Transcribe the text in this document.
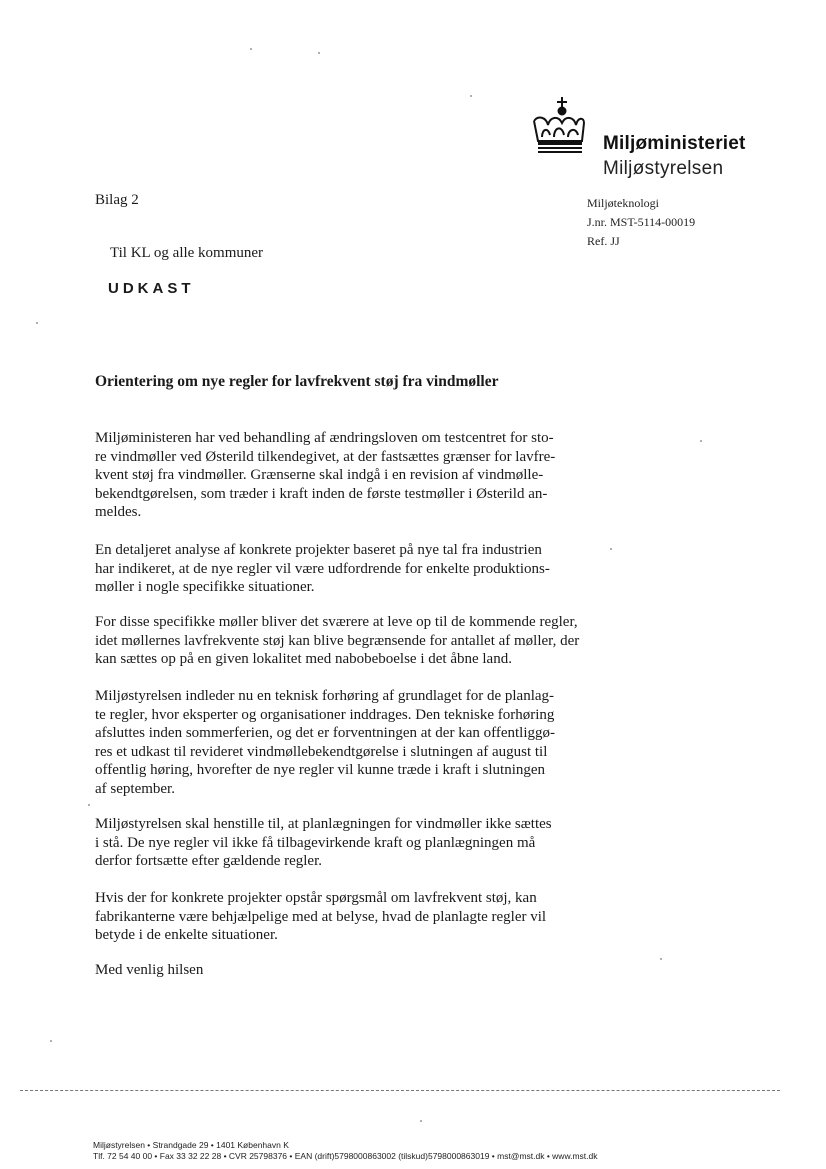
Miljøministeriet
Miljøstyrelsen
Miljøteknologi
J.nr. MST-5114-00019
Ref. JJ
Bilag 2
Til KL og alle kommuner
UDKAST
Orientering om nye regler for lavfrekvent støj fra vindmøller
Miljøministeren har ved behandling af ændringsloven om testcentret for sto-
re vindmøller ved Østerild tilkendegivet, at der fastsættes grænser for lavfre-
kvent støj fra vindmøller. Grænserne skal indgå i en revision af vindmølle-
bekendtgørelsen, som træder i kraft inden de første testmøller i Østerild an-
meldes.
En detaljeret analyse af konkrete projekter baseret på nye tal fra industrien
har indikeret, at de nye regler vil være udfordrende for enkelte produktions-
møller i nogle specifikke situationer.
For disse specifikke møller bliver det sværere at leve op til de kommende regler,
idet møllernes lavfrekvente støj kan blive begrænsende for antallet af møller, der
kan sættes op på en given lokalitet med nabobeboelse i det åbne land.
Miljøstyrelsen indleder nu en teknisk forhøring af grundlaget for de planlag-
te regler, hvor eksperter og organisationer inddrages. Den tekniske forhøring
afsluttes inden sommerferien, og det er forventningen at der kan offentliggø-
res et udkast til revideret vindmøllebekendtgørelse i slutningen af august til
offentlig høring, hvorefter de nye regler vil kunne træde i kraft i slutningen
af september.
Miljøstyrelsen skal henstille til, at planlægningen for vindmøller ikke sættes
i stå. De nye regler vil ikke få tilbagevirkende kraft og planlægningen må
derfor fortsætte efter gældende regler.
Hvis der for konkrete projekter opstår spørgsmål om lavfrekvent støj, kan
fabrikanterne være behjælpelige med at belyse, hvad de planlagte regler vil
betyde i de enkelte situationer.
Med venlig hilsen
Miljøstyrelsen • Strandgade 29 • 1401 København K
Tlf. 72 54 40 00 • Fax 33 32 22 28 • CVR 25798376 • EAN (drift)5798000863002 (tilskud)5798000863019 • mst@mst.dk • www.mst.dk
